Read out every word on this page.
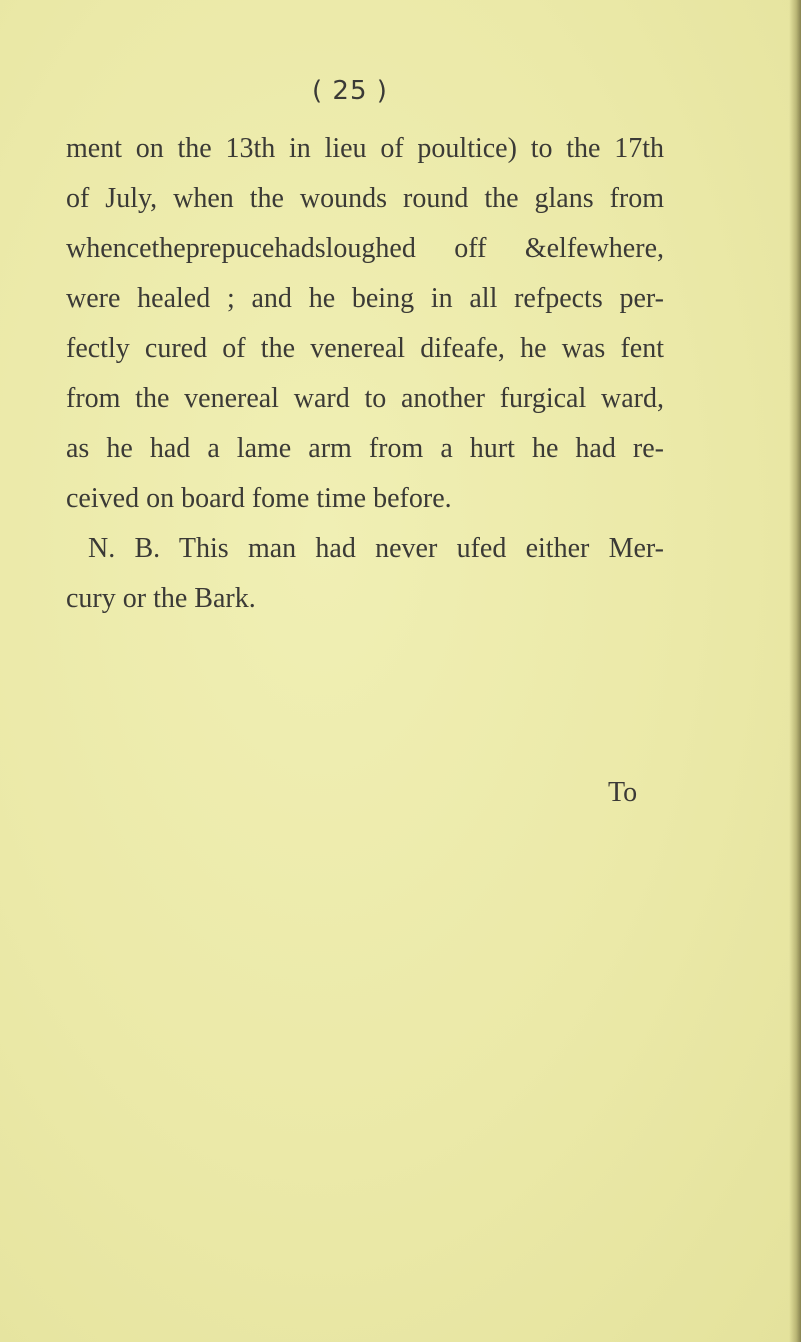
( 25 )
ment on the 13th in lieu of poultice) to the 17th
of July, when the wounds round the glans from
whencetheprepucehadsloughed off &elfewhere,
were healed ; and he being in all refpects per-
fectly cured of the venereal difeafe, he was fent
from the venereal ward to another furgical ward,
as he had a lame arm from a hurt he had re-
ceived on board fome time before.
N. B. This man had never ufed either Mer-
cury or the Bark.
To
